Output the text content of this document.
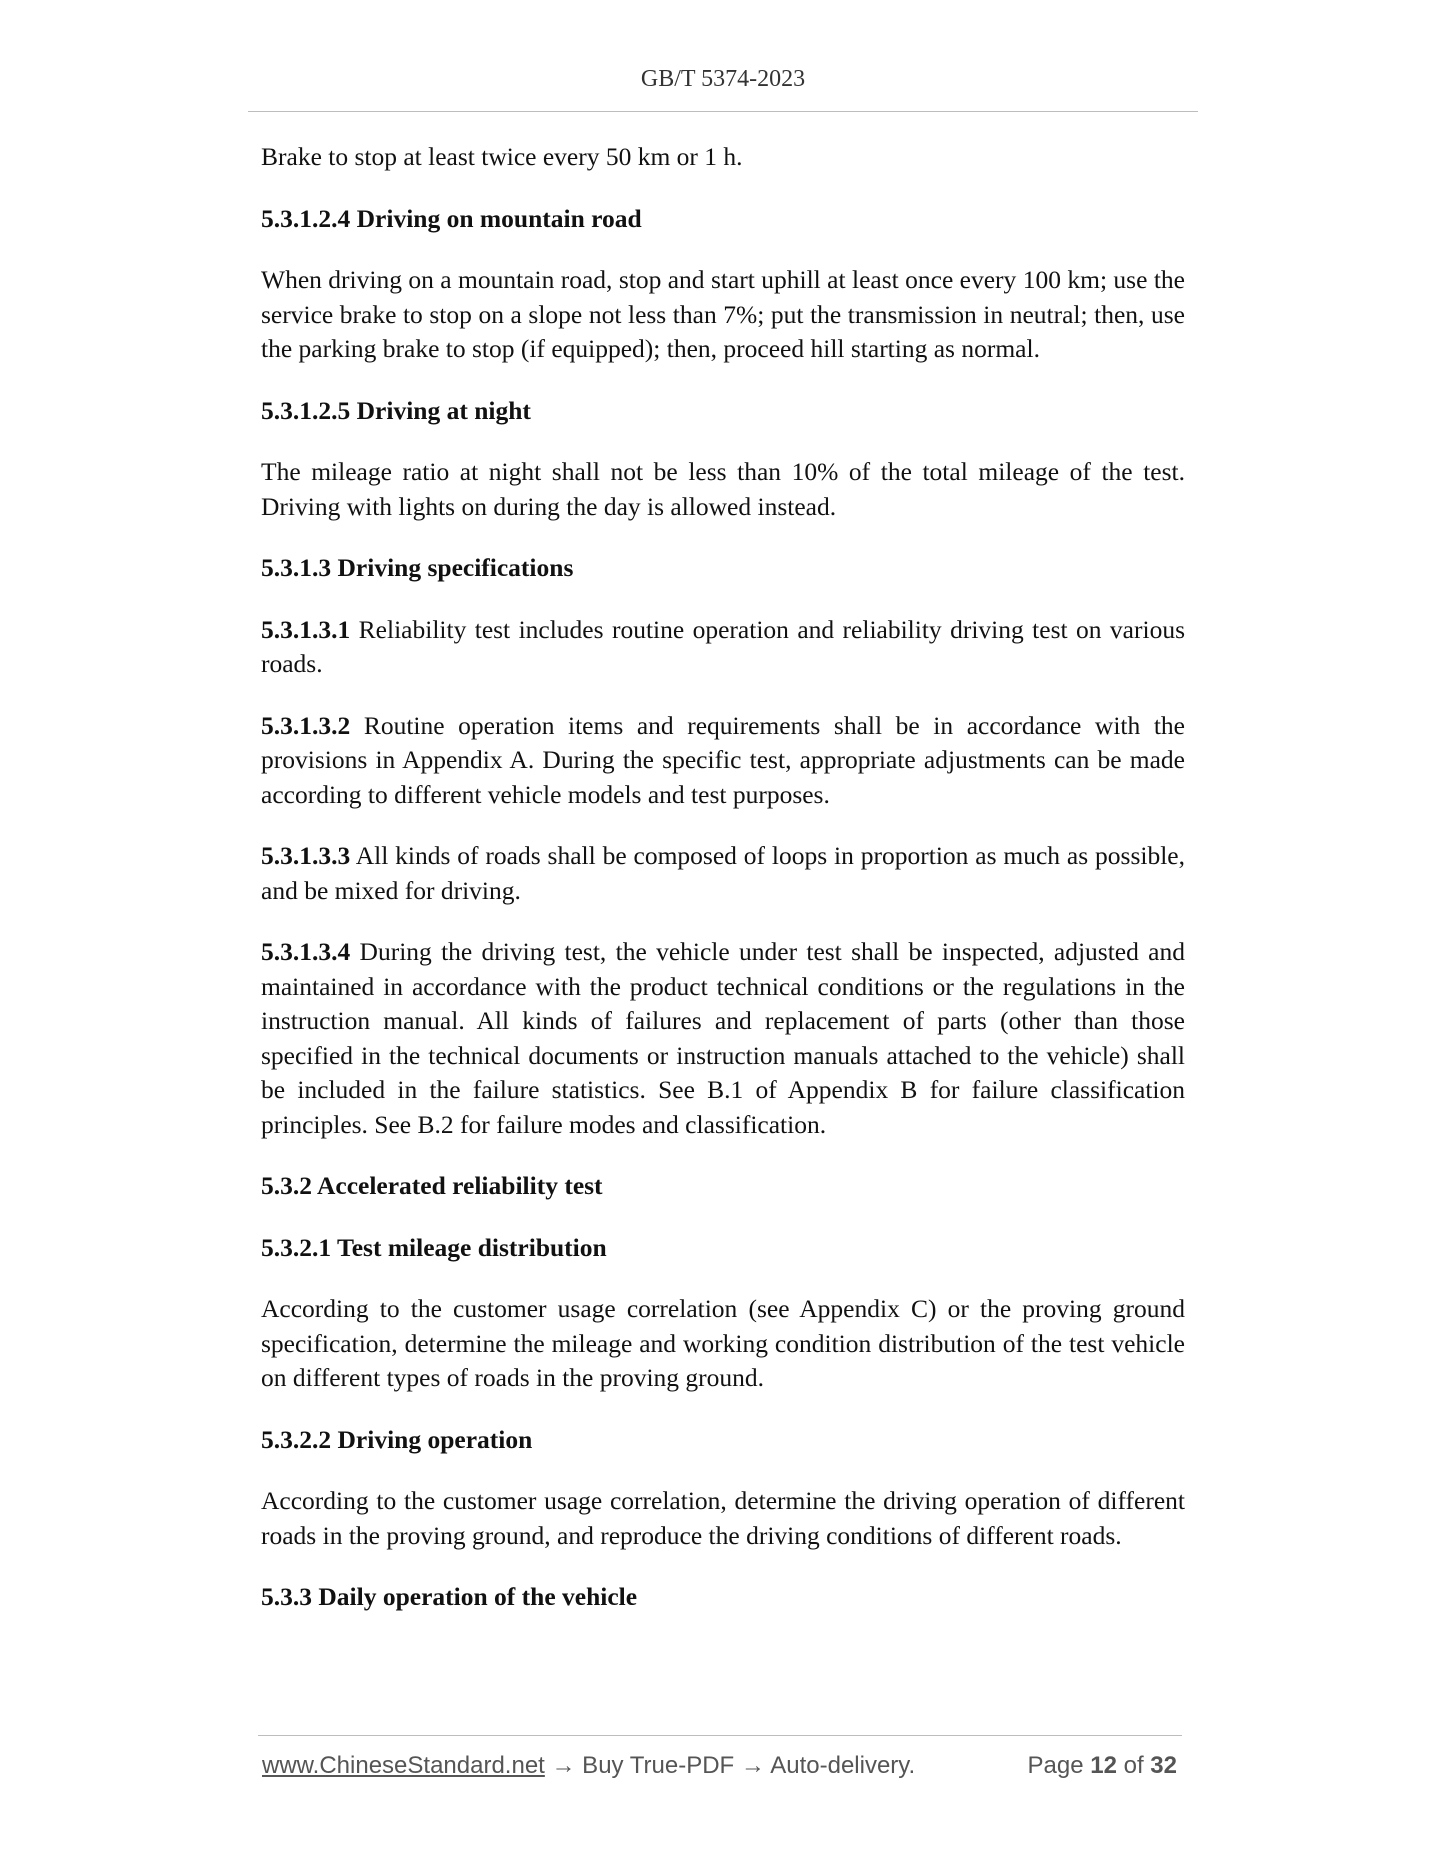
GB/T 5374-2023

Brake to stop at least twice every 50 km or 1 h.

5.3.1.2.4 Driving on mountain road

When driving on a mountain road, stop and start uphill at least once every 100 km; use the service brake to stop on a slope not less than 7%; put the transmission in neutral; then, use the parking brake to stop (if equipped); then, proceed hill starting as normal.

5.3.1.2.5 Driving at night

The mileage ratio at night shall not be less than 10% of the total mileage of the test. Driving with lights on during the day is allowed instead.

5.3.1.3 Driving specifications

5.3.1.3.1 Reliability test includes routine operation and reliability driving test on various roads.

5.3.1.3.2 Routine operation items and requirements shall be in accordance with the provisions in Appendix A. During the specific test, appropriate adjustments can be made according to different vehicle models and test purposes.

5.3.1.3.3 All kinds of roads shall be composed of loops in proportion as much as possible, and be mixed for driving.

5.3.1.3.4 During the driving test, the vehicle under test shall be inspected, adjusted and maintained in accordance with the product technical conditions or the regulations in the instruction manual. All kinds of failures and replacement of parts (other than those specified in the technical documents or instruction manuals attached to the vehicle) shall be included in the failure statistics. See B.1 of Appendix B for failure classification principles. See B.2 for failure modes and classification.

5.3.2 Accelerated reliability test
5.3.2.1 Test mileage distribution

According to the customer usage correlation (see Appendix C) or the proving ground specification, determine the mileage and working condition distribution of the test vehicle on different types of roads in the proving ground.

5.3.2.2 Driving operation

According to the customer usage correlation, determine the driving operation of different roads in the proving ground, and reproduce the driving conditions of different roads.

5.3.3 Daily operation of the vehicle
www.ChineseStandard.net → Buy True-PDF → Auto-delivery.	Page 12 of 32
